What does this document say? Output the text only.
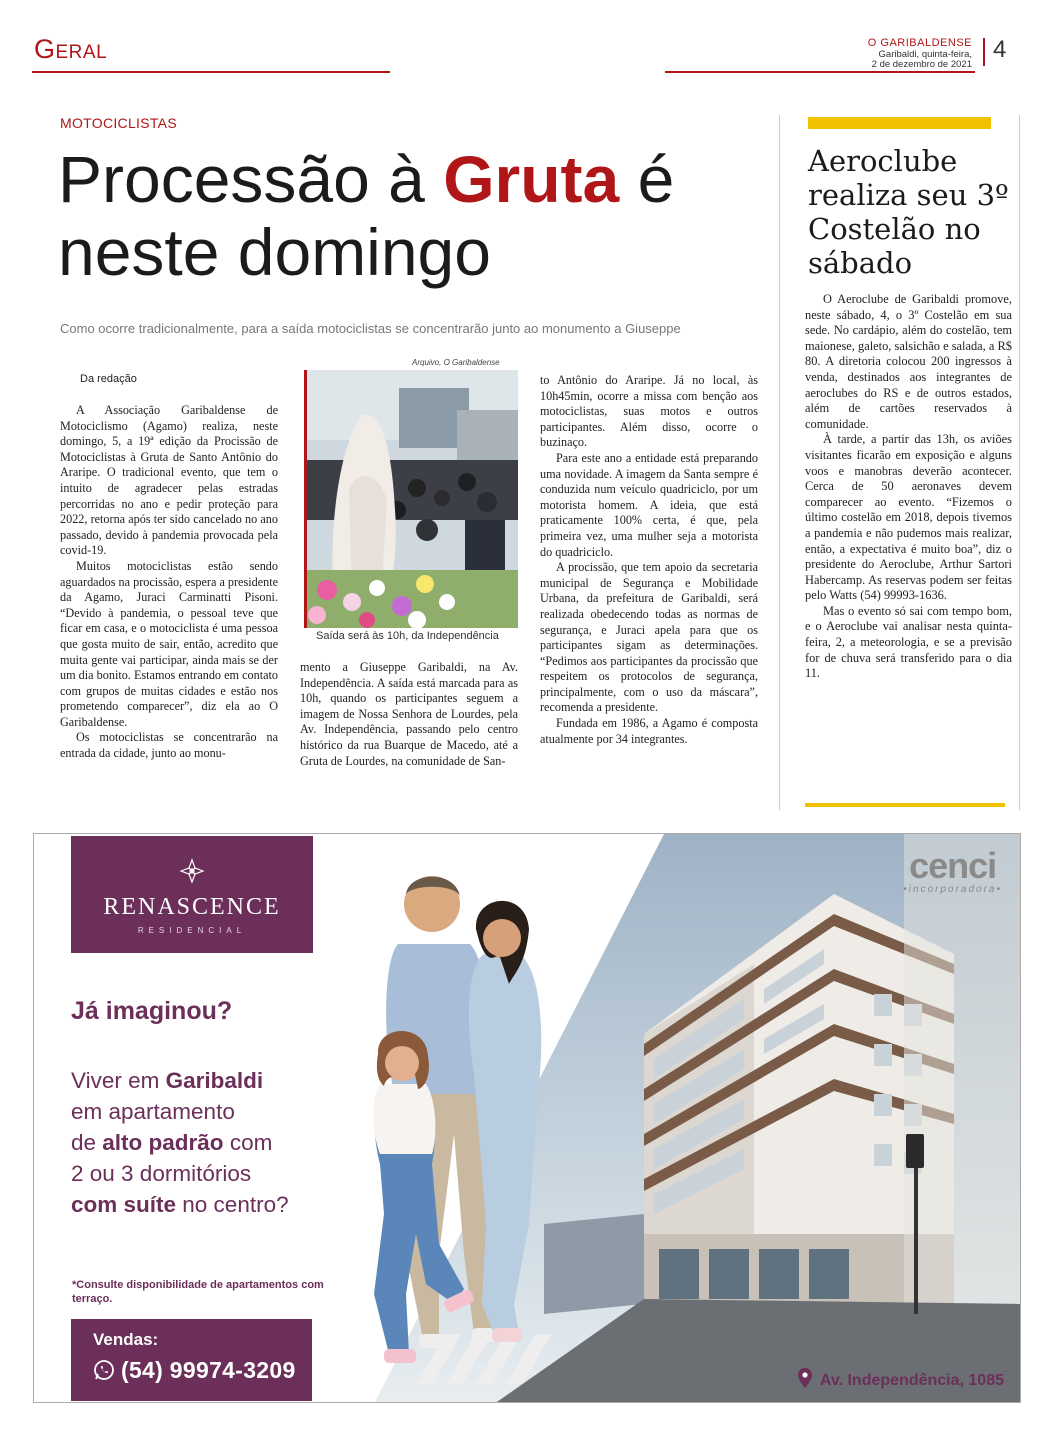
Geral	O GARIBALDENSE
Garibaldi, quinta-feira,
2 de dezembro de 2021
4
MOTOCICLISTAS
Processão à Gruta é neste domingo
Como ocorre tradicionalmente, para a saída motociclistas se concentrarão junto ao monumento a Giuseppe
Da redação

A Associação Garibaldense de Motociclismo (Agamo) realiza, neste domingo, 5, a 19ª edição da Procissão de Motociclistas à Gruta de Santo Antônio do Araripe. O tradicional evento, que tem o intuito de agradecer pelas estradas percorridas no ano e pedir proteção para 2022, retorna após ter sido cancelado no ano passado, devido à pandemia provocada pela covid-19.

Muitos motociclistas estão sendo aguardados na procissão, espera a presidente da Agamo, Juraci Carminatti Pisoni. “Devido à pandemia, o pessoal teve que ficar em casa, e o motociclista é uma pessoa que gosta muito de sair, então, acredito que muita gente vai participar, ainda mais se der um dia bonito. Estamos entrando em contato com grupos de muitas cidades e estão nos prometendo comparecer”, diz ela ao O Garibaldense.

Os motociclistas se concentrarão na entrada da cidade, junto ao monu-

Arquivo, O Garibaldense
Saída será às 10h, da Independência

mento a Giuseppe Garibaldi, na Av. Independência. A saída está marcada para as 10h, quando os participantes seguem a imagem de Nossa Senhora de Lourdes, pela Av. Independência, passando pelo centro histórico da rua Buarque de Macedo, até a Gruta de Lourdes, na comunidade de San-

to Antônio do Araripe. Já no local, às 10h45min, ocorre a missa com benção aos motociclistas, suas motos e outros participantes. Além disso, ocorre o buzinaço.

Para este ano a entidade está preparando uma novidade. A imagem da Santa sempre é conduzida num veículo quadriciclo, por um motorista homem. A ideia, que está praticamente 100% certa, é que, pela primeira vez, uma mulher seja a motorista do quadriciclo.

A procissão, que tem apoio da secretaria municipal de Segurança e Mobilidade Urbana, da prefeitura de Garibaldi, será realizada obedecendo todas as normas de segurança, e Juraci apela para que os participantes sigam as determinações. “Pedimos aos participantes da procissão que respeitem os protocolos de segurança, principalmente, com o uso da máscara”, recomenda a presidente.

Fundada em 1986, a Agamo é composta atualmente por 34 integrantes.

Aeroclube realiza seu 3º Costelão no sábado

O Aeroclube de Garibaldi promove, neste sábado, 4, o 3º Costelão em sua sede. No cardápio, além do costelão, tem maionese, galeto, salsichão e salada, a R$ 80. A diretoria colocou 200 ingressos à venda, destinados aos integrantes de aeroclubes do RS e de outros estados, além de cartões reservados à comunidade.

À tarde, a partir das 13h, os aviões visitantes ficarão em exposição e alguns voos e manobras deverão acontecer. Cerca de 50 aeronaves devem comparecer ao evento. “Fizemos o último costelão em 2018, depois tivemos a pandemia e não pudemos mais realizar, então, a expectativa é muito boa”, diz o presidente do Aeroclube, Arthur Sartori Habercamp. As reservas podem ser feitas pelo Watts (54) 99993-1636.

Mas o evento só sai com tempo bom, e o Aeroclube vai analisar nesta quinta-feira, 2, a meteorologia, e se a previsão for de chuva será transferido para o dia 11.

RENASCENCE
RESIDENCIAL
Já imaginou?
Viver em Garibaldi
em apartamento
de alto padrão com
2 ou 3 dormitórios
com suíte no centro?
*Consulte disponibilidade de apartamentos com terraço.
Vendas:
(54) 99974-3209
cenci
•incorporadora•
Av. Independência, 1085
